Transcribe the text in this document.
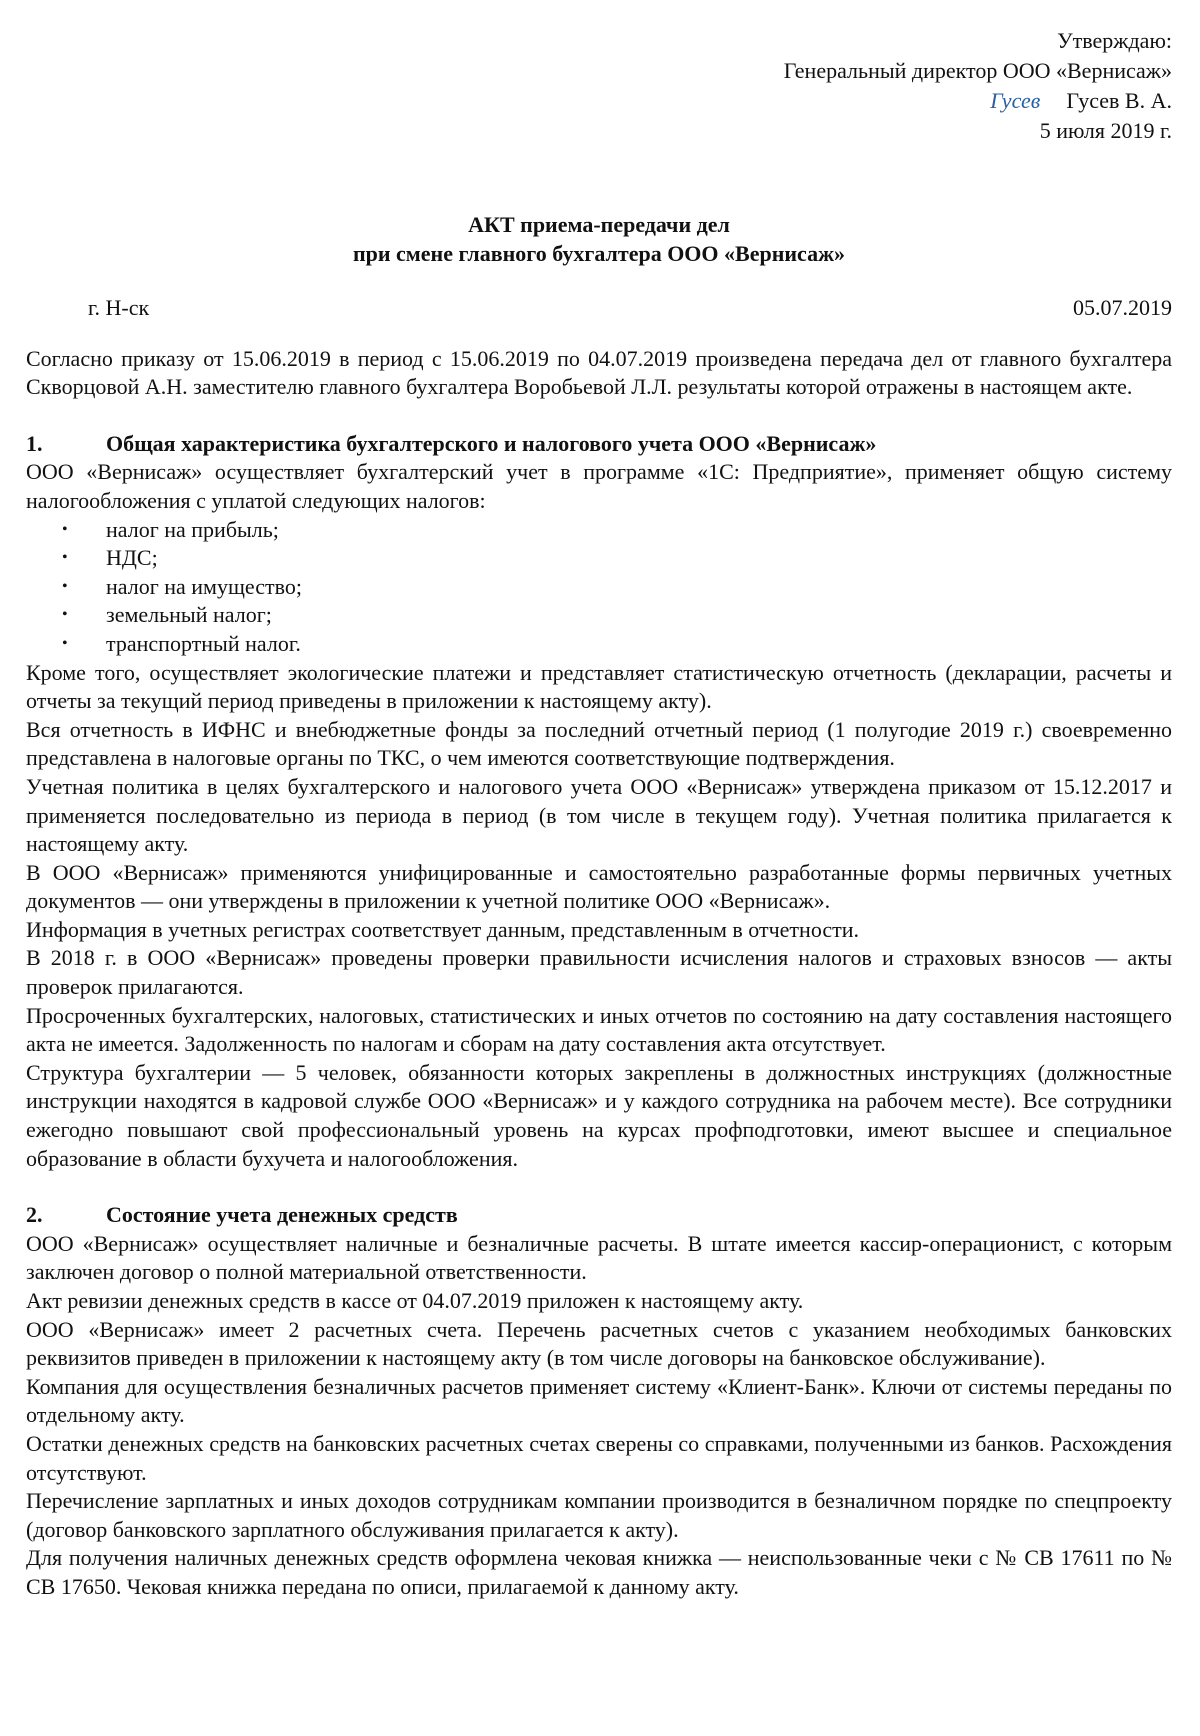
Утверждаю:
Генеральный директор ООО «Вернисаж»
Гусев Гусев В. А.
5 июля 2019 г.
АКТ приема-передачи дел
при смене главного бухгалтера ООО «Вернисаж»
г. Н-ск	05.07.2019

Согласно приказу от 15.06.2019 в период с 15.06.2019 по 04.07.2019 произведена передача дел от главного бухгалтера Скворцовой А.Н. заместителю главного бухгалтера Воробьевой Л.Л. результаты которой отражены в настоящем акте.

1.	Общая характеристика бухгалтерского и налогового учета ООО «Вернисаж»

ООО «Вернисаж» осуществляет бухгалтерский учет в программе «1С: Предприятие», применяет общую систему налогообложения с уплатой следующих налогов:

• налог на прибыль;
• НДС;
• налог на имущество;
• земельный налог;
• транспортный налог.

Кроме того, осуществляет экологические платежи и представляет статистическую отчетность (декларации, расчеты и отчеты за текущий период приведены в приложении к настоящему акту).

Вся отчетность в ИФНС и внебюджетные фонды за последний отчетный период (1 полугодие 2019 г.) своевременно представлена в налоговые органы по ТКС, о чем имеются соответствующие подтверждения.

Учетная политика в целях бухгалтерского и налогового учета ООО «Вернисаж» утверждена приказом от 15.12.2017 и применяется последовательно из периода в период (в том числе в текущем году). Учетная политика прилагается к настоящему акту.

В ООО «Вернисаж» применяются унифицированные и самостоятельно разработанные формы первичных учетных документов — они утверждены в приложении к учетной политике ООО «Вернисаж».

Информация в учетных регистрах соответствует данным, представленным в отчетности.

В 2018 г. в ООО «Вернисаж» проведены проверки правильности исчисления налогов и страховых взносов — акты проверок прилагаются.

Просроченных бухгалтерских, налоговых, статистических и иных отчетов по состоянию на дату составления настоящего акта не имеется. Задолженность по налогам и сборам на дату составления акта отсутствует.

Структура бухгалтерии — 5 человек, обязанности которых закреплены в должностных инструкциях (должностные инструкции находятся в кадровой службе ООО «Вернисаж» и у каждого сотрудника на рабочем месте). Все сотрудники ежегодно повышают свой профессиональный уровень на курсах профподготовки, имеют высшее и специальное образование в области бухучета и налогообложения.

2.	Состояние учета денежных средств

ООО «Вернисаж» осуществляет наличные и безналичные расчеты. В штате имеется кассир-операционист, с которым заключен договор о полной материальной ответственности.

Акт ревизии денежных средств в кассе от 04.07.2019 приложен к настоящему акту.

ООО «Вернисаж» имеет 2 расчетных счета. Перечень расчетных счетов с указанием необходимых банковских реквизитов приведен в приложении к настоящему акту (в том числе договоры на банковское обслуживание).

Компания для осуществления безналичных расчетов применяет систему «Клиент-Банк». Ключи от системы переданы по отдельному акту.

Остатки денежных средств на банковских расчетных счетах сверены со справками, полученными из банков. Расхождения отсутствуют.

Перечисление зарплатных и иных доходов сотрудникам компании производится в безналичном порядке по спецпроекту (договор банковского зарплатного обслуживания прилагается к акту).

Для получения наличных денежных средств оформлена чековая книжка — неиспользованные чеки с № СВ 17611 по № СВ 17650. Чековая книжка передана по описи, прилагаемой к данному акту.
